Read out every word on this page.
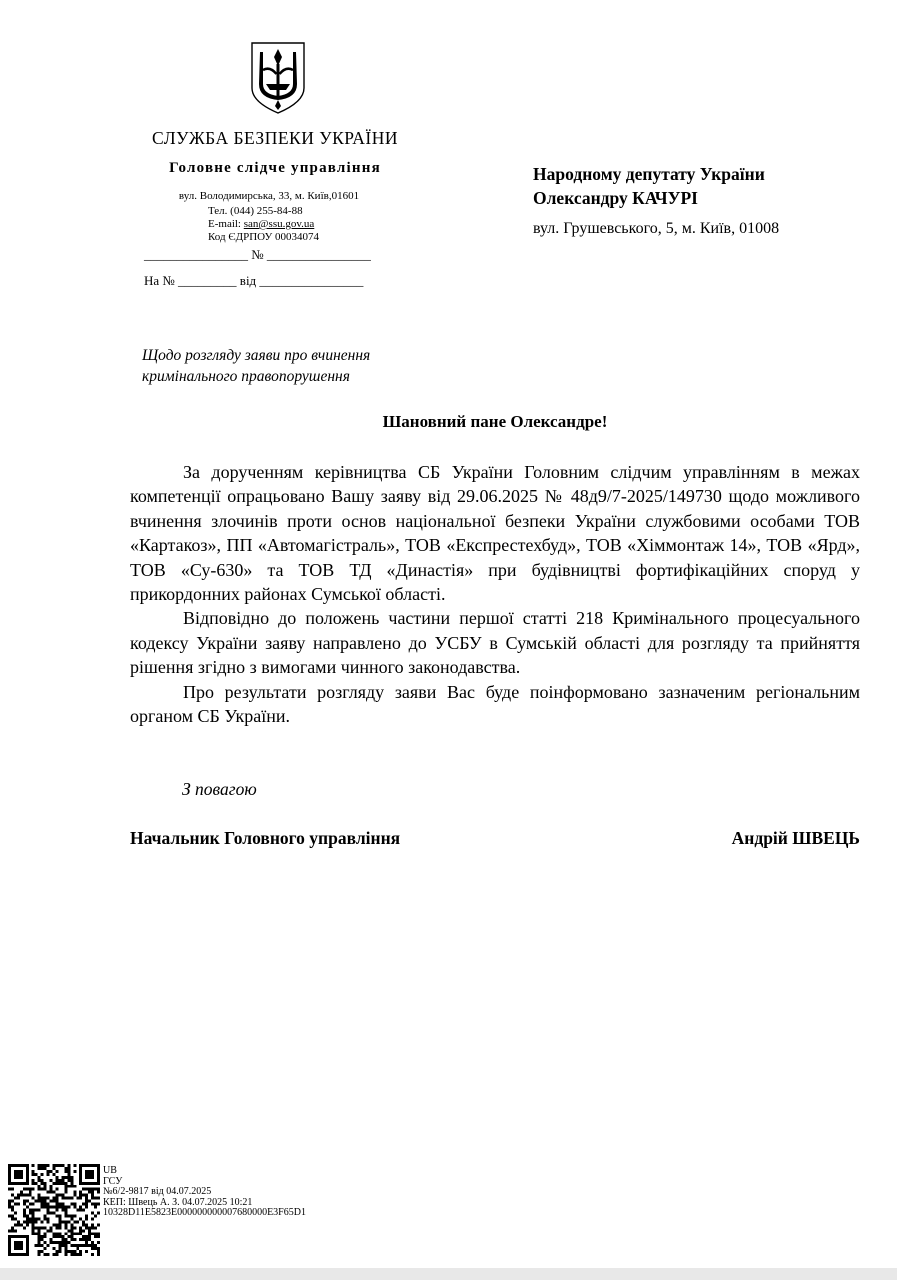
СЛУЖБА БЕЗПЕКИ УКРАЇНИ
Головне слідче управління
вул. Володимирська, 33, м. Київ,01601
Тел. (044) 255-84-88
E-mail: san@ssu.gov.ua
Код ЄДРПОУ 00034074
________________ № ________________
На № _________ від ________________
Народному депутату України
Олександру КАЧУРІ
вул. Грушевського, 5, м. Київ, 01008
Щодо розгляду заяви про вчинення
кримінального правопорушення
Шановний пане Олександре!

За дорученням керівництва СБ України Головним слідчим управлінням в межах компетенції опрацьовано Вашу заяву від 29.06.2025 № 48д9/7-2025/149730 щодо можливого вчинення злочинів проти основ національної безпеки України службовими особами ТОВ «Картакоз», ПП «Автомагістраль», ТОВ «Експрестехбуд», ТОВ «Хіммонтаж 14», ТОВ «Ярд», ТОВ «Су-630» та ТОВ ТД «Династія» при будівництві фортифікаційних споруд у прикордонних районах Сумської області.

Відповідно до положень частини першої статті 218 Кримінального процесуального кодексу України заяву направлено до УСБУ в Сумській області для розгляду та прийняття рішення згідно з вимогами чинного законодавства.

Про результати розгляду заяви Вас буде поінформовано зазначеним регіональним органом СБ України.

З повагою
Начальник Головного управління	Андрій ШВЕЦЬ
UB
ГСУ
№6/2-9817 від 04.07.2025
КЕП: Швець А. З. 04.07.2025 10:21
10328D11E5823E000000000007680000E3F65D1
